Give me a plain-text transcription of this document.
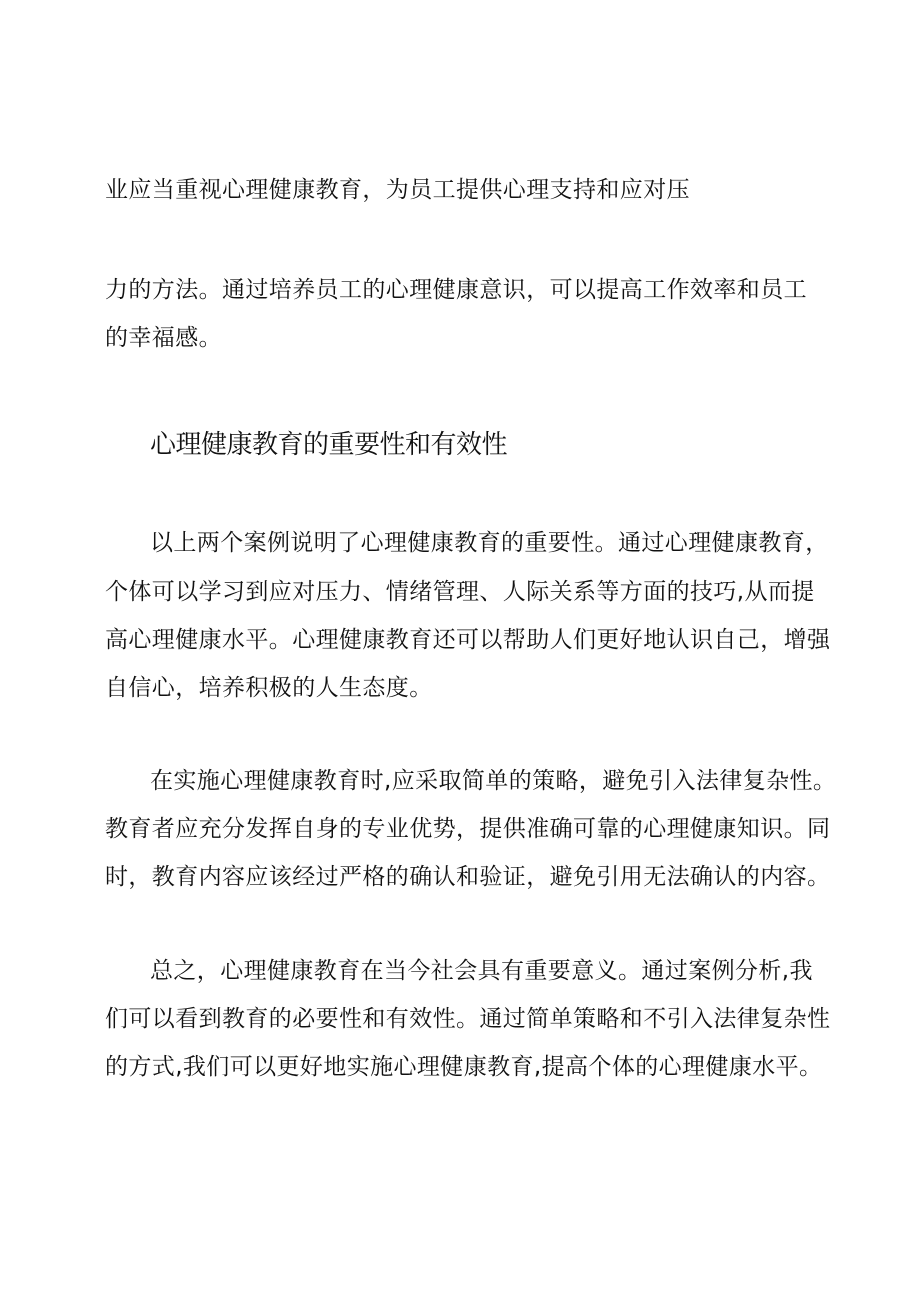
业应当重视心理健康教育，为员工提供心理支持和应对压
力的方法。通过培养员工的心理健康意识，可以提高工作效率和员工
的幸福感。
心理健康教育的重要性和有效性
以上两个案例说明了心理健康教育的重要性。通过心理健康教育，
个体可以学习到应对压力、情绪管理、人际关系等方面的技巧,从而提
高心理健康水平。心理健康教育还可以帮助人们更好地认识自己，增强
自信心，培养积极的人生态度。
在实施心理健康教育时,应采取简单的策略，避免引入法律复杂性。
教育者应充分发挥自身的专业优势，提供准确可靠的心理健康知识。同
时，教育内容应该经过严格的确认和验证，避免引用无法确认的内容。
总之，心理健康教育在当今社会具有重要意义。通过案例分析,我
们可以看到教育的必要性和有效性。通过简单策略和不引入法律复杂性
的方式,我们可以更好地实施心理健康教育,提高个体的心理健康水平。
